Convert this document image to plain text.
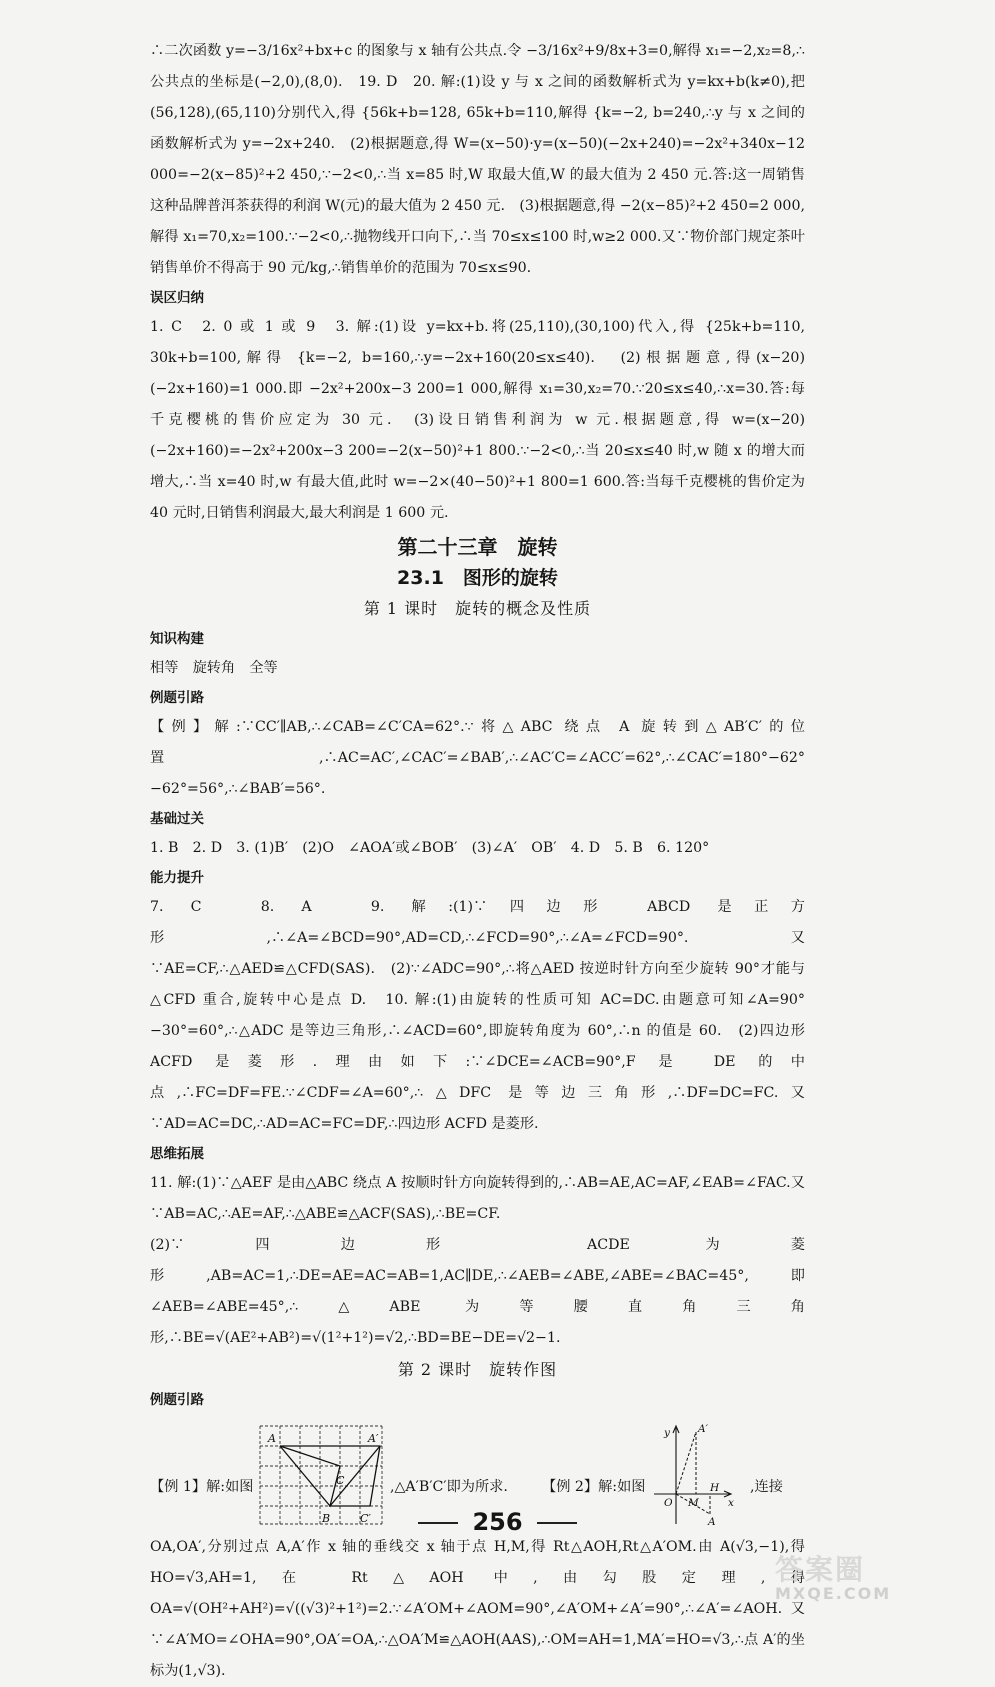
∴二次函数 y=−3/16x²+bx+c 的图象与 x 轴有公共点.令 −3/16x²+9/8x+3=0,解得 x₁=−2,x₂=8,∴公共点的坐标是(−2,0),(8,0).　19. D　20. 解:(1)设 y 与 x 之间的函数解析式为 y=kx+b(k≠0),把(56,128),(65,110)分别代入,得 {56k+b=128, 65k+b=110,解得 {k=−2, b=240,∴y 与 x 之间的函数解析式为 y=−2x+240.　(2)根据题意,得 W=(x−50)·y=(x−50)(−2x+240)=−2x²+340x−12 000=−2(x−85)²+2 450,∵−2<0,∴当 x=85 时,W 取最大值,W 的最大值为 2 450 元.答:这一周销售这种品牌普洱茶获得的利润 W(元)的最大值为 2 450 元.　(3)根据题意,得 −2(x−85)²+2 450=2 000,解得 x₁=70,x₂=100.∵−2<0,∴抛物线开口向下,∴当 70≤x≤100 时,w≥2 000.又∵物价部门规定茶叶销售单价不得高于 90 元/kg,∴销售单价的范围为 70≤x≤90.

误区归纳

1. C　2. 0 或 1 或 9　3. 解:(1)设 y=kx+b.将(25,110),(30,100)代入,得 {25k+b=110, 30k+b=100,解得 {k=−2, b=160,∴y=−2x+160(20≤x≤40).　(2)根据题意,得(x−20)(−2x+160)=1 000.即 −2x²+200x−3 200=1 000,解得 x₁=30,x₂=70.∵20≤x≤40,∴x=30.答:每千克樱桃的售价应定为 30 元.　(3)设日销售利润为 w 元.根据题意,得 w=(x−20)(−2x+160)=−2x²+200x−3 200=−2(x−50)²+1 800.∵−2<0,∴当 20≤x≤40 时,w 随 x 的增大而增大,∴当 x=40 时,w 有最大值,此时 w=−2×(40−50)²+1 800=1 600.答:当每千克樱桃的售价定为 40 元时,日销售利润最大,最大利润是 1 600 元.

第二十三章　旋转
23.1　图形的旋转
第 1 课时　旋转的概念及性质
知识构建

相等　旋转角　全等

例题引路

【例】解:∵CC′∥AB,∴∠CAB=∠C′CA=62°.∵将△ABC 绕点 A 旋转到△AB′C′的位置,∴AC=AC′,∠CAC′=∠BAB′,∴∠AC′C=∠ACC′=62°,∴∠CAC′=180°−62°−62°=56°,∴∠BAB′=56°.

基础过关

1. B　2. D　3. (1)B′　(2)O　∠AOA′或∠BOB′　(3)∠A′　OB′　4. D　5. B　6. 120°

能力提升

7. C　8. A　9. 解:(1)∵四边形 ABCD 是正方形,∴∠A=∠BCD=90°,AD=CD,∴∠FCD=90°,∴∠A=∠FCD=90°.又∵AE=CF,∴△AED≌△CFD(SAS).　(2)∵∠ADC=90°,∴将△AED 按逆时针方向至少旋转 90°才能与△CFD 重合,旋转中心是点 D.　10. 解:(1)由旋转的性质可知 AC=DC.由题意可知∠A=90°−30°=60°,∴△ADC 是等边三角形,∴∠ACD=60°,即旋转角度为 60°,∴n 的值是 60.　(2)四边形 ACFD 是菱形.理由如下:∵∠DCE=∠ACB=90°,F 是 DE 的中点,∴FC=DF=FE.∵∠CDF=∠A=60°,∴△DFC 是等边三角形,∴DF=DC=FC.又∵AD=AC=DC,∴AD=AC=FC=DF,∴四边形 ACFD 是菱形.

思维拓展

11. 解:(1)∵△AEF 是由△ABC 绕点 A 按顺时针方向旋转得到的,∴AB=AE,AC=AF,∠EAB=∠FAC.又∵AB=AC,∴AE=AF,∴△ABE≌△ACF(SAS),∴BE=CF.

(2)∵四边形 ACDE 为菱形,AB=AC=1,∴DE=AE=AC=AB=1,AC∥DE,∴∠AEB=∠ABE,∠ABE=∠BAC=45°,即∠AEB=∠ABE=45°,∴△ABE 为等腰直角三角形,∴BE=√(AE²+AB²)=√(1²+1²)=√2,∴BD=BE−DE=√2−1.

第 2 课时　旋转作图
例题引路
【例 1】解:如图
A	A′
C
B	C′
,△A′B′C′即为所求. 【例 2】解:如图
y	A′
O M
H
x
A
,连接

OA,OA′,分别过点 A,A′作 x 轴的垂线交 x 轴于点 H,M,得 Rt△AOH,Rt△A′OM.由 A(√3,−1),得 HO=√3,AH=1,在 Rt△AOH 中,由勾股定理,得 OA=√(OH²+AH²)=√((√3)²+1²)=2.∵∠A′OM+∠AOM=90°,∠A′OM+∠A′=90°,∴∠A′=∠AOH.又∵∠A′MO=∠OHA=90°,OA′=OA,∴△OA′M≌△AOH(AAS),∴OM=AH=1,MA′=HO=√3,∴点 A′的坐标为(1,√3).

256
答案圈
MXQE.COM
